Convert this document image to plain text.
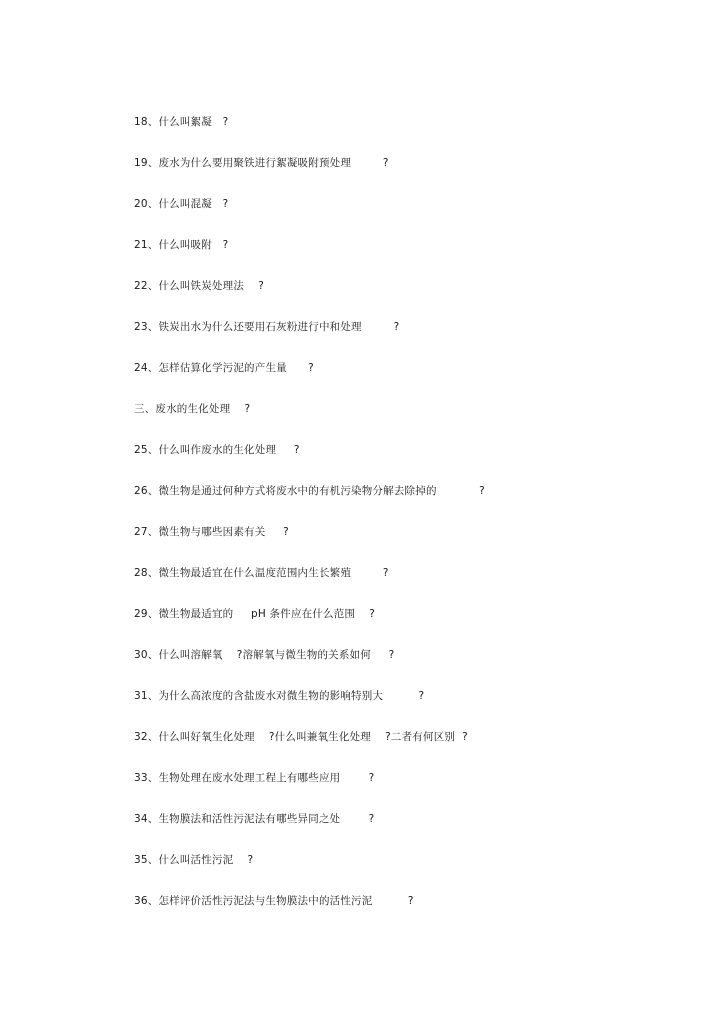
18、什么叫絮凝   ?
19、废水为什么要用聚铁进行絮凝吸附预处理         ?
20、什么叫混凝   ?
21、什么叫吸附   ?
22、什么叫铁炭处理法    ?
23、铁炭出水为什么还要用石灰粉进行中和处理         ?
24、怎样估算化学污泥的产生量      ?
三、废水的生化处理    ?
25、什么叫作废水的生化处理     ?
26、微生物是通过何种方式将废水中的有机污染物分解去除掉的            ?
27、微生物与哪些因素有关     ?
28、微生物最适宜在什么温度范围内生长繁殖         ?
29、微生物最适宜的     pH 条件应在什么范围    ?
30、什么叫溶解氧    ?溶解氧与微生物的关系如何     ?
31、为什么高浓度的含盐废水对微生物的影响特别大          ?
32、什么叫好氧生化处理    ?什么叫兼氧生化处理    ?二者有何区别  ?
33、生物处理在废水处理工程上有哪些应用        ?
34、生物膜法和活性污泥法有哪些异同之处        ?
35、什么叫活性污泥    ?
36、怎样评价活性污泥法与生物膜法中的活性污泥          ?
